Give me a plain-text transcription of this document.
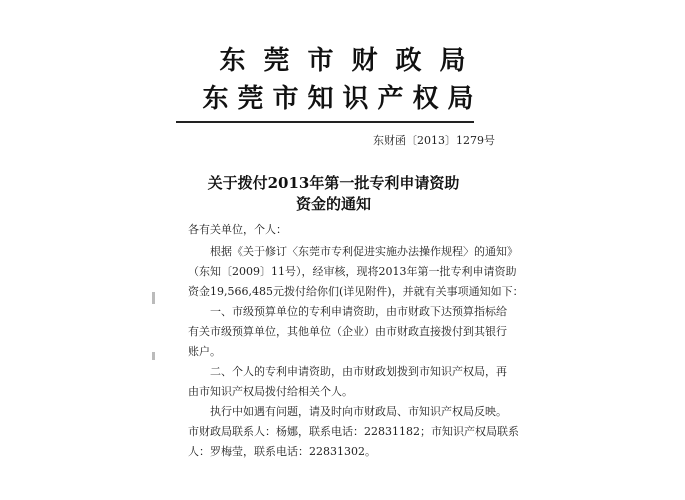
东莞市财政局
东莞市知识产权局
东财函〔2013〕1279号
关于拨付2013年第一批专利申请资助
资金的通知
各有关单位，个人：
根据《关于修订〈东莞市专利促进实施办法操作规程〉的通知》
（东知〔2009〕11号），经审核，现将2013年第一批专利申请资助
资金19,566,485元拨付给你们(详见附件)，并就有关事项通知如下：
一、市级预算单位的专利申请资助，由市财政下达预算指标给
有关市级预算单位，其他单位（企业）由市财政直接拨付到其银行
账户。
二、个人的专利申请资助，由市财政划拨到市知识产权局，再
由市知识产权局拨付给相关个人。
执行中如遇有问题，请及时向市财政局、市知识产权局反映。
市财政局联系人：杨娜，联系电话：22831182；市知识产权局联系
人：罗梅莹，联系电话：22831302。
